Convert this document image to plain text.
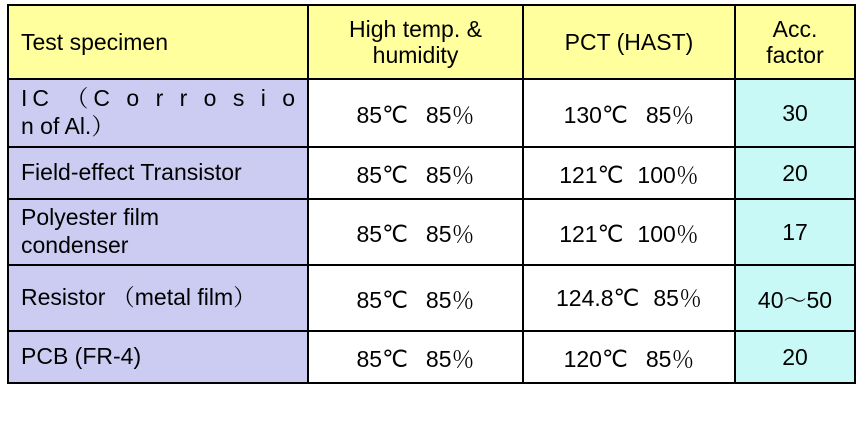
Test specimen	High temp. &
humidity	PCT (HAST)	Acc.
factor
IC （C o r r o s i o
n of Al.）	85℃ 85％	130℃ 85％	30
Field-effect Transistor	85℃ 85％	121℃ 100％	20
Polyester film
condenser	85℃ 85％	121℃ 100％	17
Resistor （metal film）	85℃ 85％	124.8℃ 85％	40〜50
PCB (FR-4)	85℃ 85％	120℃ 85％	20
